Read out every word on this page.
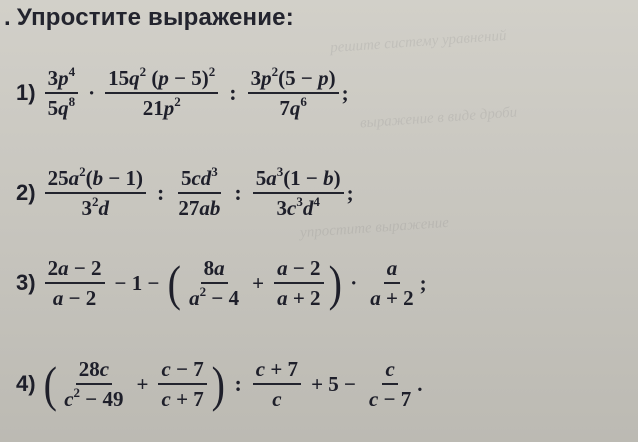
решите систему уравнений
выражение в виде дроби
упростите выражение
. Упростите выражение:
$1) \frac{3p^4}{5q^8} \cdot \frac{15q^2 (p - 5)^2}{21p^2}$ : $\frac{3p^2(5 - p)}{7q^6}$ ;
$2) \frac{25a^2(b - 1)}{3^2d}$ : $\frac{5cd^3}{27ab}$ : $\frac{5a^3(1 - b)}{3c^3d^4}$ ;
$3) \frac{2a - 2}{a - 2} - 1$ − ( $\frac{8a}{a^2 - 4} + \frac{a - 2}{a + 2}$ ) · $\frac{a}{a + 2}$ ;
4) ( $\frac{28c}{c^2 - 49} + \frac{c - 7}{c + 7}$ ) : $\frac{c + 7}{c} + 5 - \frac{c}{c - 7}$ .
